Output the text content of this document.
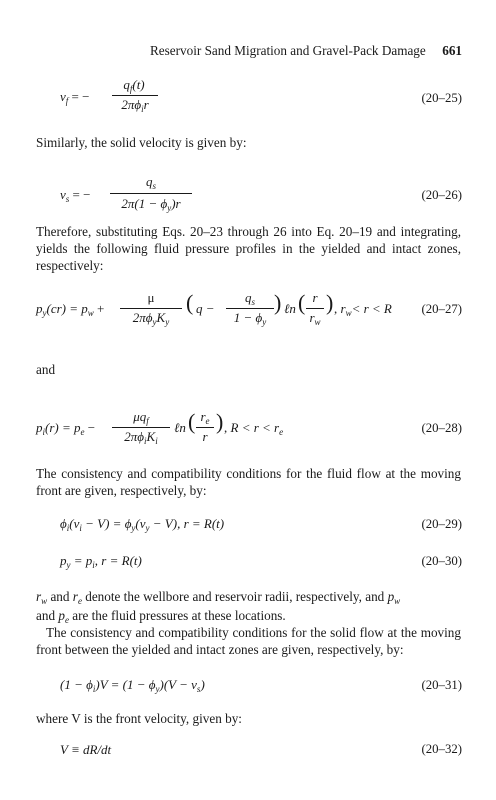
Reservoir Sand Migration and Gravel-Pack Damage 661
$v_f$ = −
$q_f(t)$
$2\pi\phi_ir$	(20–25)
Similarly, the solid velocity is given by:
$v_s$ = −
$q_s$
$2\pi(1 - \phi_y)r$
(20–26)
Therefore, substituting Eqs. 20–23 through 26 into Eq. 20–19 and integrating, yields the following fluid pressure profiles in the yielded and intact zones, respectively:
$p_y(cr) = p_w$ +
μ
$2\pi\phi_yK_y$
( q −
$q_s$
$1 - \phi_y$
) ℓn ( r
$r_w$
) , $r_w< r < R$ (20–27)
and
$p_i(r) = p_e$ −
$\mu q_f$
$2\pi\phi_iK_i$
ℓn ( $r_e$
r
) , $R < r < r_e$	(20–28)
The consistency and compatibility conditions for the fluid flow at the moving front are given, respectively, by:
$\phi_i(v_i - V) = \phi_y(v_y - V)$, r = R(t)	(20–29)
$p_y = p_i$, r = R(t)	(20–30)
$r_w$ and $r_e$ denote the wellbore and reservoir radii, respectively, and $p_w$
and $p_e$ are the fluid pressures at these locations.
The consistency and compatibility conditions for the solid flow at the moving front between the yielded and intact zones are given, respectively, by:
$(1 - \phi_i)V = (1 - \phi_y)(V - v_s)$	(20–31)
where V is the front velocity, given by:
V ≡ dR/dt	(20–32)
